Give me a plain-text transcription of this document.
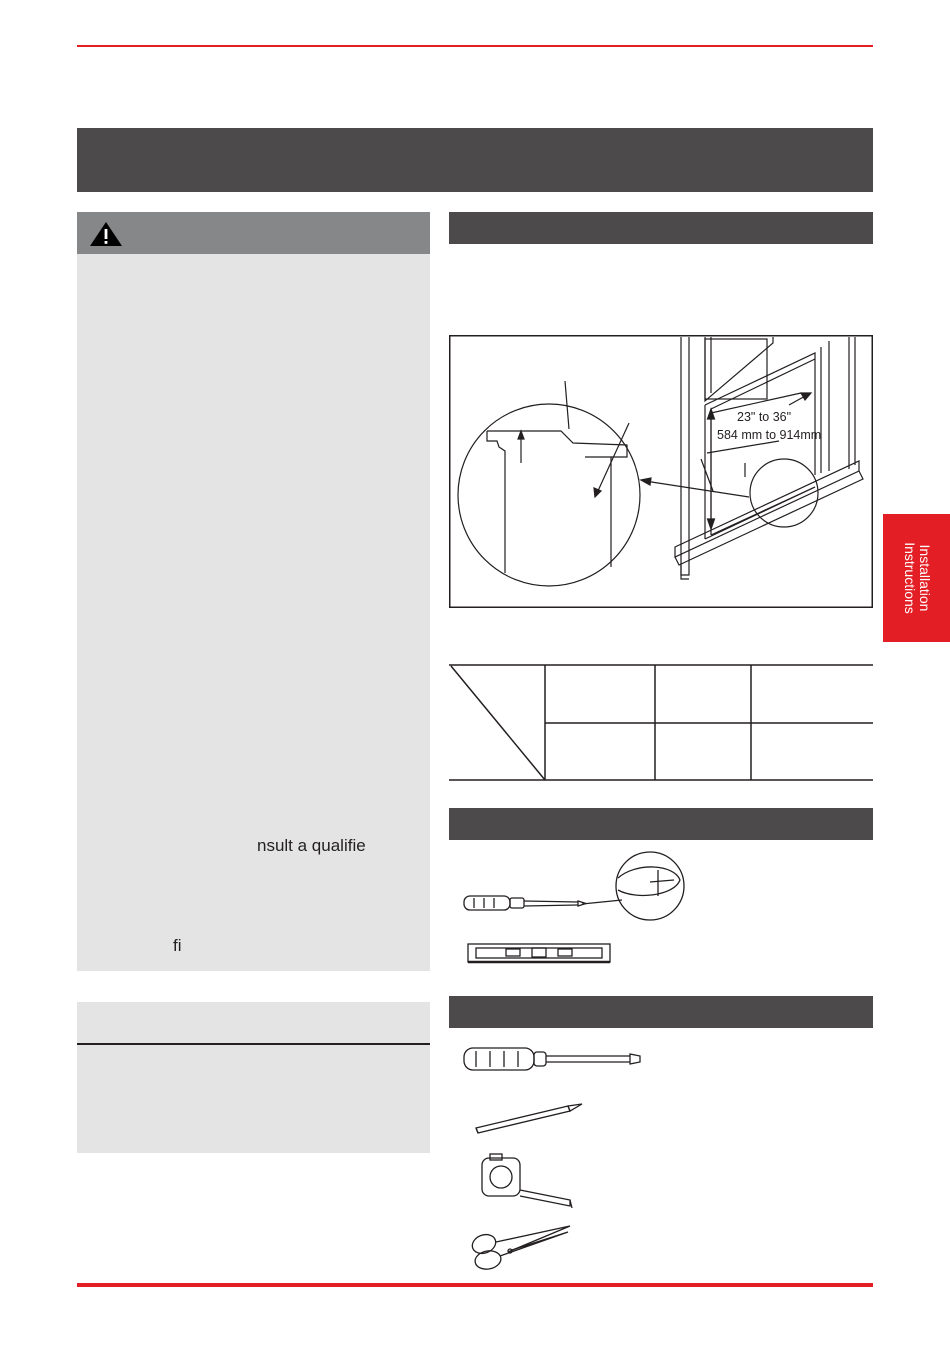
nsult a qualifie
fi
23" to 36"
584 mm to 914mm
Installation
Instructions
